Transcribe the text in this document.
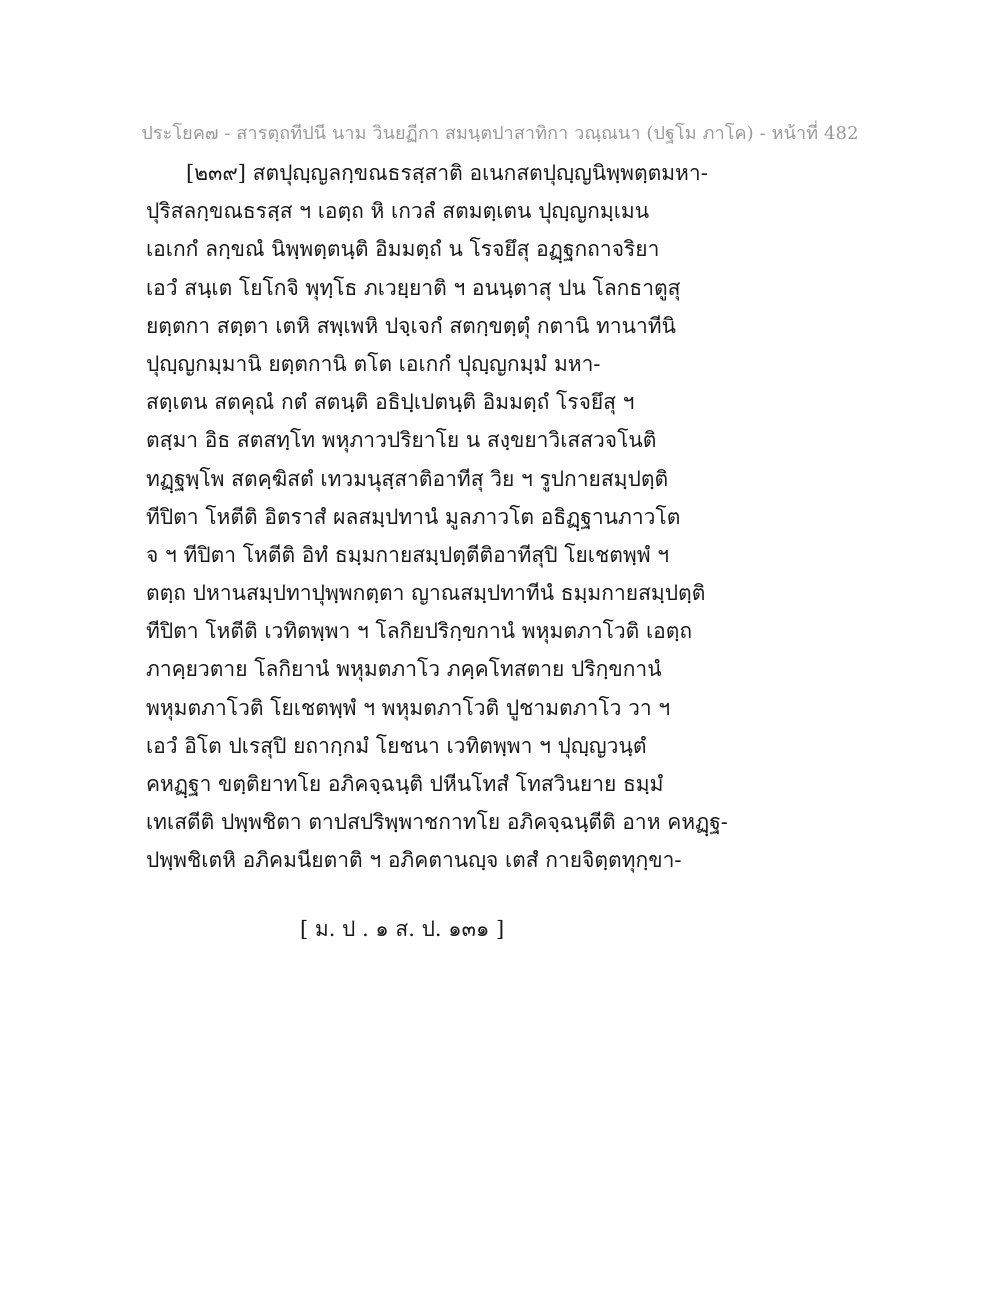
ประโยค๗ - สารตฺถทีปนี นาม วินยฏีกา สมนฺตปาสาทิกา วณฺณนา (ปฐโม ภาโค) - หน้าที่ 482
[๒๓๙] สตปุญฺญลกฺขณธรสฺสาติ อเนกสตปุญฺญนิพฺพตฺตมหา-
ปุริสลกฺขณธรสฺส ฯ เอตฺถ หิ เกวลํ สตมตฺเตน ปุญฺญกมฺเมน
เอเกกํ ลกฺขณํ นิพฺพตฺตนฺติ อิมมตฺถํ น โรจยึสุ อฏฺฐกถาจริยา
เอวํ สนฺเต โยโกจิ พุทฺโธ ภเวยฺยาติ ฯ อนนฺตาสุ ปน โลกธาตูสุ
ยตฺตกา สตฺตา เตหิ สพฺเพหิ ปจฺเจกํ สตกฺขตฺตุํ กตานิ ทานาทีนิ
ปุญฺญกมฺมานิ ยตฺตกานิ ตโต เอเกกํ ปุญฺญกมฺมํ มหา-
สตฺเตน สตคุณํ กตํ สตนฺติ อธิปฺเปตนฺติ อิมมตฺถํ โรจยึสุ ฯ
ตสฺมา อิธ สตสทฺโท พหุภาวปริยาโย น สงฺขยาวิเสสวจโนติ
ทฏฺฐพฺโพ สตคฺฆิสตํ เทวมนุสฺสาติอาทีสุ วิย ฯ รูปกายสมฺปตฺติ
ทีปิตา โหตีติ อิตราสํ ผลสมฺปทานํ มูลภาวโต อธิฏฺฐานภาวโต
จ ฯ ทีปิตา โหตีติ อิทํ ธมฺมกายสมฺปตฺตีติอาทีสุปิ โยเชตพฺพํ ฯ
ตตฺถ ปหานสมฺปทาปุพฺพกตฺตา ญาณสมฺปทาทีนํ ธมฺมกายสมฺปตฺติ
ทีปิตา โหตีติ เวทิตพฺพา ฯ โลกิยปริกฺขกานํ พหุมตภาโวติ เอตฺถ
ภาคฺยวตาย โลกิยานํ พหุมตภาโว ภคฺคโทสตาย ปริกฺขกานํ
พหุมตภาโวติ โยเชตพฺพํ ฯ พหุมตภาโวติ ปูชามตภาโว วา ฯ
เอวํ อิโต ปเรสุปิ ยถากฺกมํ โยชนา เวทิตพฺพา ฯ ปุญฺญวนฺตํ
คหฏฺฐา ขตฺติยาทโย อภิคจฺฉนฺติ ปหีนโทสํ โทสวินยาย ธมฺมํ
เทเสตีติ ปพฺพชิตา ตาปสปริพฺพาชกาทโย อภิคจฺฉนฺตีติ อาห คหฏฺฐ-
ปพฺพชิเตหิ อภิคมนียตาติ ฯ อภิคตานญฺจ เตสํ กายจิตฺตทุกฺขา-
[ ม. ป . ๑ ส. ป. ๑๓๑ ]
